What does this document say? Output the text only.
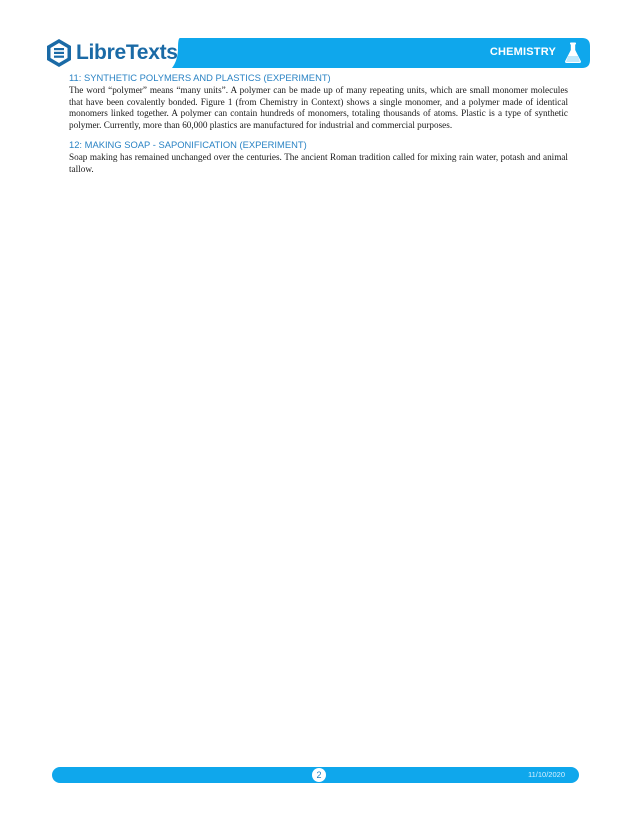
LibreTexts	CHEMISTRY

11: SYNTHETIC POLYMERS AND PLASTICS (EXPERIMENT)

The word “polymer” means “many units”. A polymer can be made up of many repeating units, which are small monomer molecules that have been covalently bonded. Figure 1 (from Chemistry in Context) shows a single monomer, and a polymer made of identical monomers linked together. A polymer can contain hundreds of monomers, totaling thousands of atoms. Plastic is a type of synthetic polymer. Currently, more than 60,000 plastics are manufactured for industrial and commercial purposes.

12: MAKING SOAP - SAPONIFICATION (EXPERIMENT)

Soap making has remained unchanged over the centuries. The ancient Roman tradition called for mixing rain water, potash and animal tallow.

2	11/10/2020
